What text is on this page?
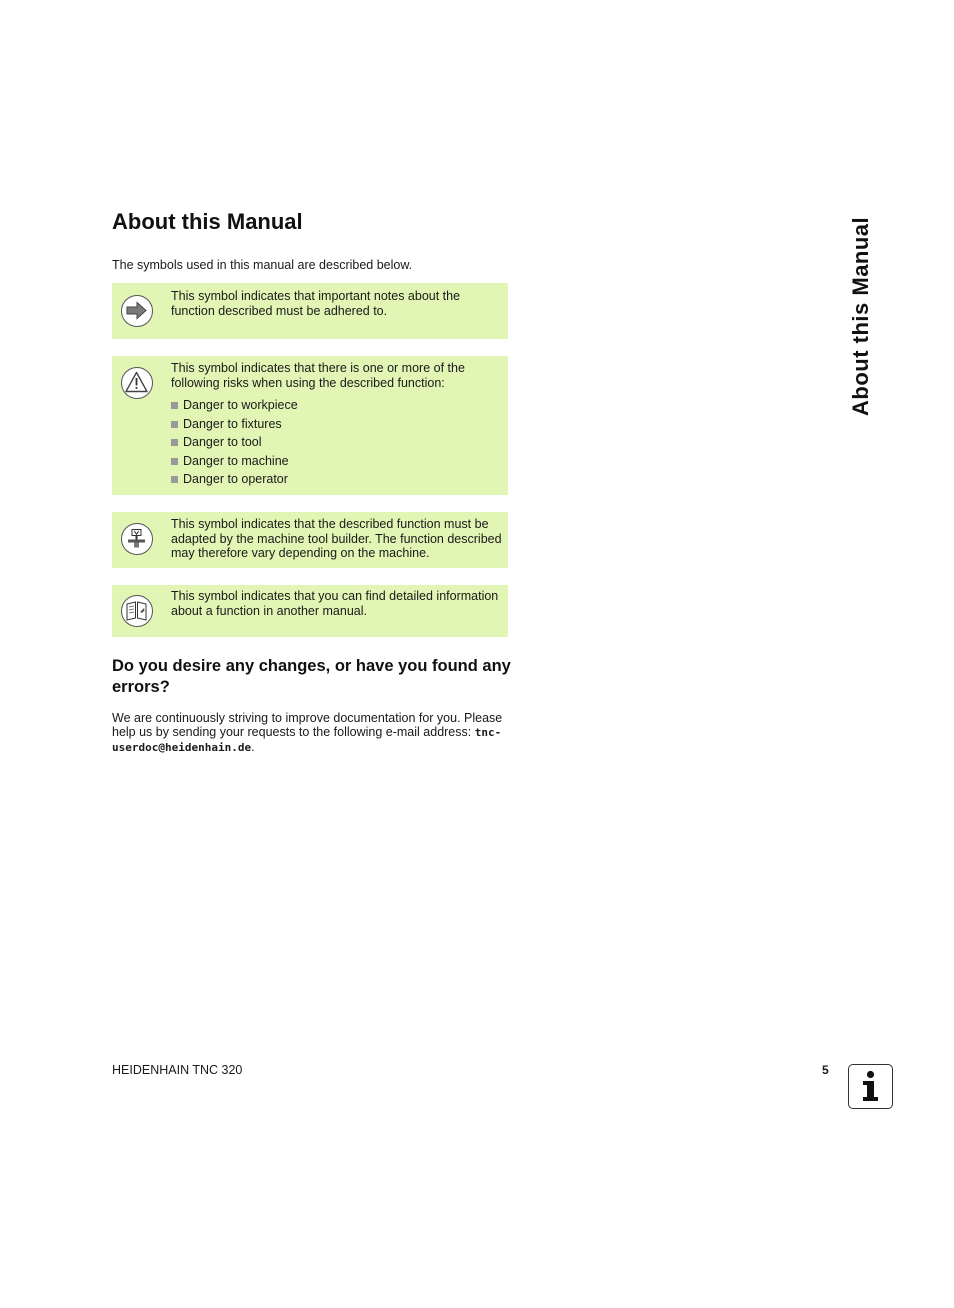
About this Manual

The symbols used in this manual are described below.

This symbol indicates that important notes about the function described must be adhered to.

This symbol indicates that there is one or more of the following risks when using the described function:

Danger to workpiece
Danger to fixtures
Danger to tool
Danger to machine
Danger to operator

This symbol indicates that the described function must be adapted by the machine tool builder. The function described may therefore vary depending on the machine.

This symbol indicates that you can find detailed information about a function in another manual.

Do you desire any changes, or have you found any errors?

We are continuously striving to improve documentation for you. Please help us by sending your requests to the following e-mail address: tnc-userdoc@heidenhain.de.

About this Manual
HEIDENHAIN TNC 320	5
